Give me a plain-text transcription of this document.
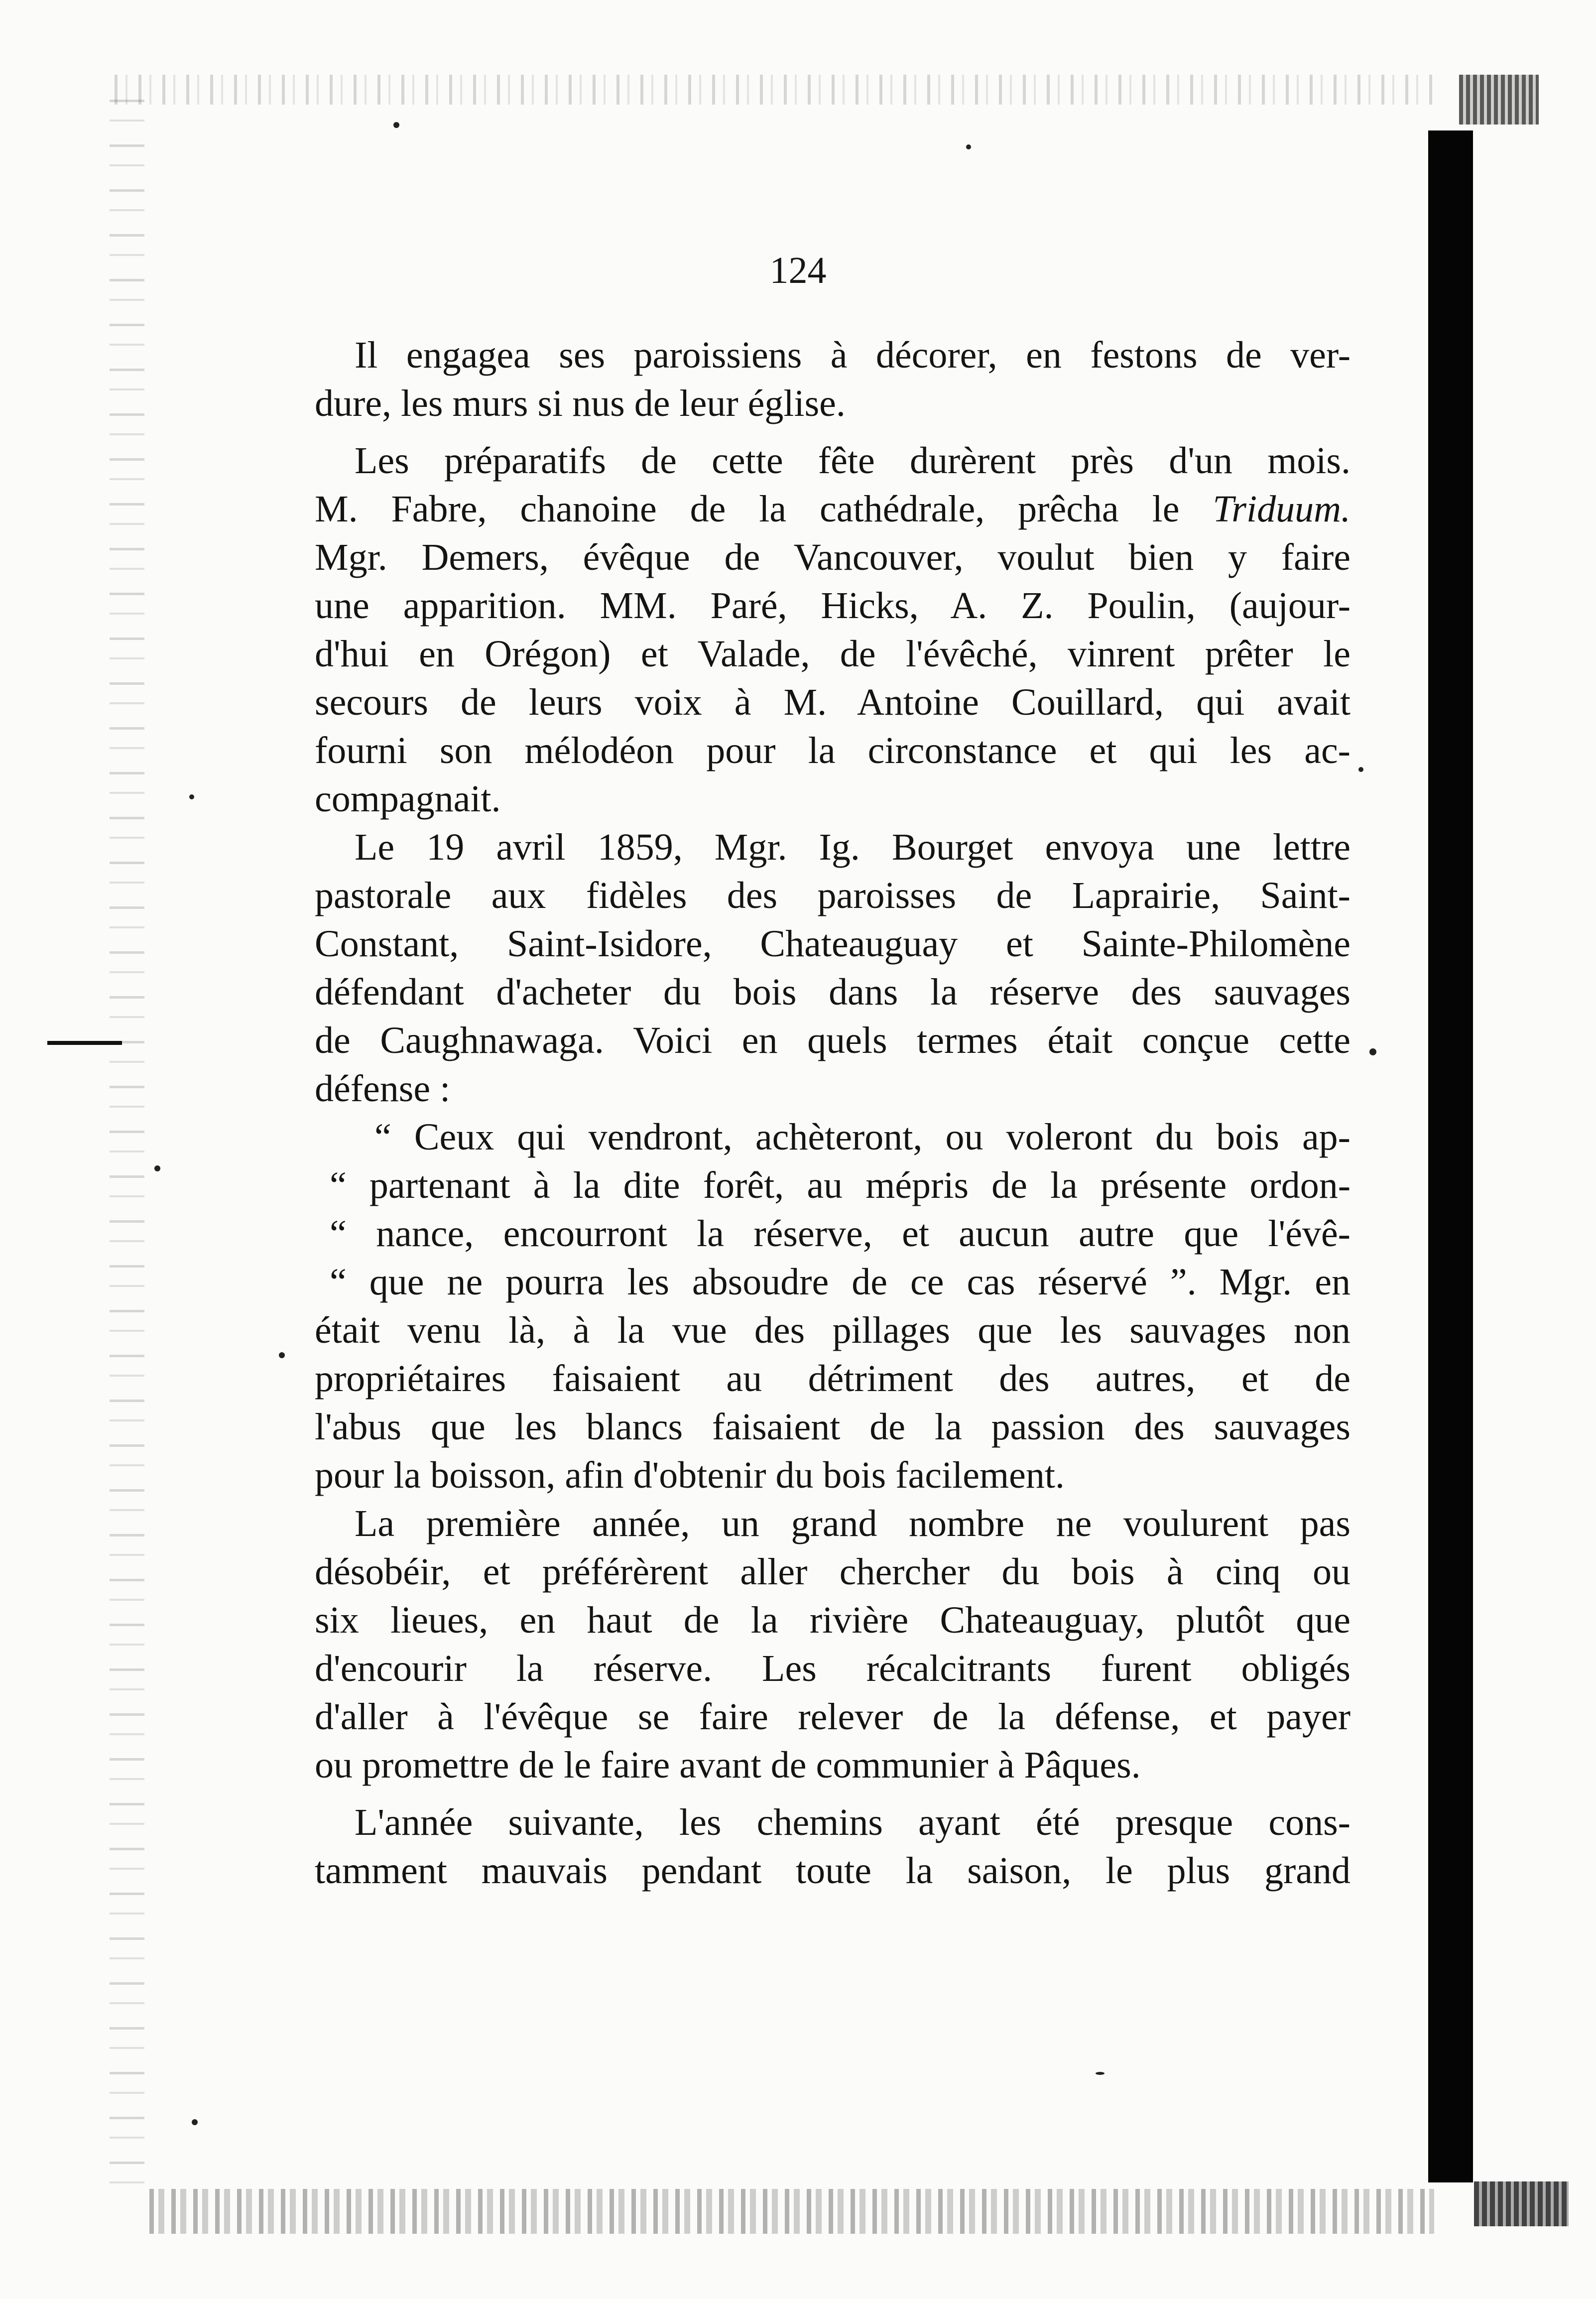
124
Il engagea ses paroissiens à décorer, en festons de ver-
dure, les murs si nus de leur église.
Les préparatifs de cette fête durèrent près d'un mois.
M. Fabre, chanoine de la cathédrale, prêcha le Triduum.
Mgr. Demers, évêque de Vancouver, voulut bien y faire
une apparition. MM. Paré, Hicks, A. Z. Poulin, (aujour-
d'hui en Orégon) et Valade, de l'évêché, vinrent prêter le
secours de leurs voix à M. Antoine Couillard, qui avait
fourni son mélodéon pour la circonstance et qui les ac-
compagnait.
Le 19 avril 1859, Mgr. Ig. Bourget envoya une lettre
pastorale aux fidèles des paroisses de Laprairie, Saint-
Constant, Saint-Isidore, Chateauguay et Sainte-Philomène
défendant d'acheter du bois dans la réserve des sauvages
de Caughnawaga. Voici en quels termes était conçue cette
défense :
“ Ceux qui vendront, achèteront, ou voleront du bois ap-
“ partenant à la dite forêt, au mépris de la présente ordon-
“ nance, encourront la réserve, et aucun autre que l'évê-
“ que ne pourra les absoudre de ce cas réservé ”. Mgr. en
était venu là, à la vue des pillages que les sauvages non
propriétaires faisaient au détriment des autres, et de
l'abus que les blancs faisaient de la passion des sauvages
pour la boisson, afin d'obtenir du bois facilement.
La première année, un grand nombre ne voulurent pas
désobéir, et préférèrent aller chercher du bois à cinq ou
six lieues, en haut de la rivière Chateauguay, plutôt que
d'encourir la réserve. Les récalcitrants furent obligés
d'aller à l'évêque se faire relever de la défense, et payer
ou promettre de le faire avant de communier à Pâques.
L'année suivante, les chemins ayant été presque cons-
tamment mauvais pendant toute la saison, le plus grand
